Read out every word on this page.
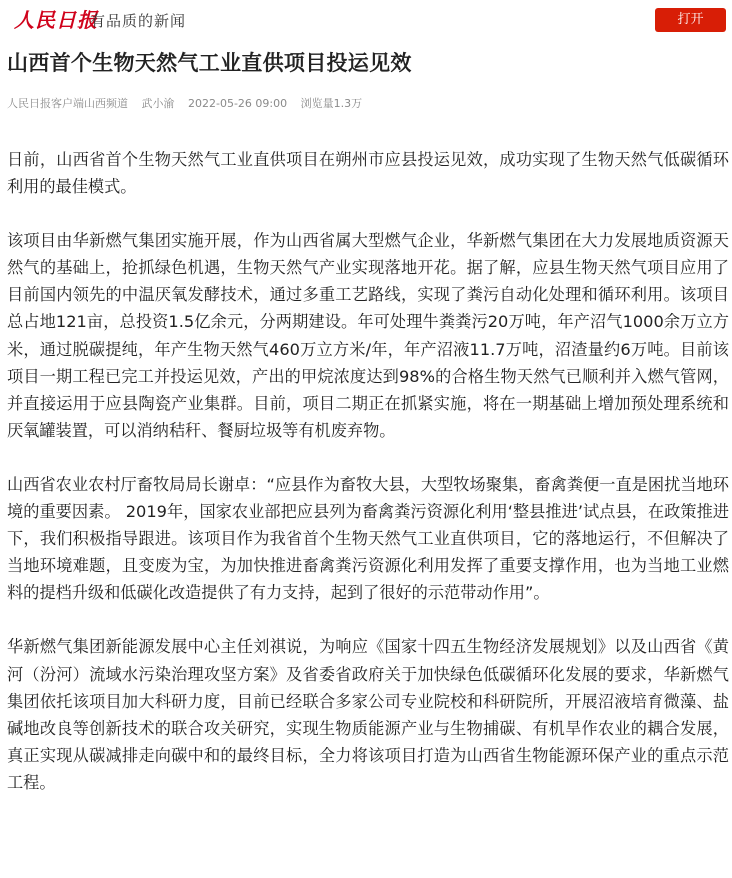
人民日报
有品质的新闻	打开
山西首个生物天然气工业直供项目投运见效
人民日报客户端山西频道 武小渝 2022-05-26 09:00 浏览量1.3万

日前，山西省首个生物天然气工业直供项目在朔州市应县投运见效，成功实现了生物天然气低碳循环利用的最佳模式。

该项目由华新燃气集团实施开展，作为山西省属大型燃气企业，华新燃气集团在大力发展地质资源天然气的基础上，抢抓绿色机遇，生物天然气产业实现落地开花。据了解，应县生物天然气项目应用了目前国内领先的中温厌氧发酵技术，通过多重工艺路线，实现了粪污自动化处理和循环利用。该项目总占地121亩，总投资1.5亿余元，分两期建设。年可处理牛粪粪污20万吨，年产沼气1000余万立方米，通过脱碳提纯，年产生物天然气460万立方米/年，年产沼液11.7万吨，沼渣量约6万吨。目前该项目一期工程已完工并投运见效，产出的甲烷浓度达到98%的合格生物天然气已顺利并入燃气管网，并直接运用于应县陶瓷产业集群。目前，项目二期正在抓紧实施，将在一期基础上增加预处理系统和厌氧罐装置，可以消纳秸秆、餐厨垃圾等有机废弃物。

山西省农业农村厅畜牧局局长谢卓：“应县作为畜牧大县，大型牧场聚集，畜禽粪便一直是困扰当地环境的重要因素。 2019年，国家农业部把应县列为畜禽粪污资源化利用‘整县推进’试点县，在政策推进下，我们积极指导跟进。该项目作为我省首个生物天然气工业直供项目，它的落地运行，不但解决了当地环境难题，且变废为宝，为加快推进畜禽粪污资源化利用发挥了重要支撑作用，也为当地工业燃料的提档升级和低碳化改造提供了有力支持，起到了很好的示范带动作用”。

华新燃气集团新能源发展中心主任刘祺说，为响应《国家十四五生物经济发展规划》以及山西省《黄河（汾河）流域水污染治理攻坚方案》及省委省政府关于加快绿色低碳循环化发展的要求，华新燃气集团依托该项目加大科研力度，目前已经联合多家公司专业院校和科研院所，开展沼液培育微藻、盐碱地改良等创新技术的联合攻关研究，实现生物质能源产业与生物捕碳、有机旱作农业的耦合发展，真正实现从碳减排走向碳中和的最终目标，全力将该项目打造为山西省生物能源环保产业的重点示范工程。
